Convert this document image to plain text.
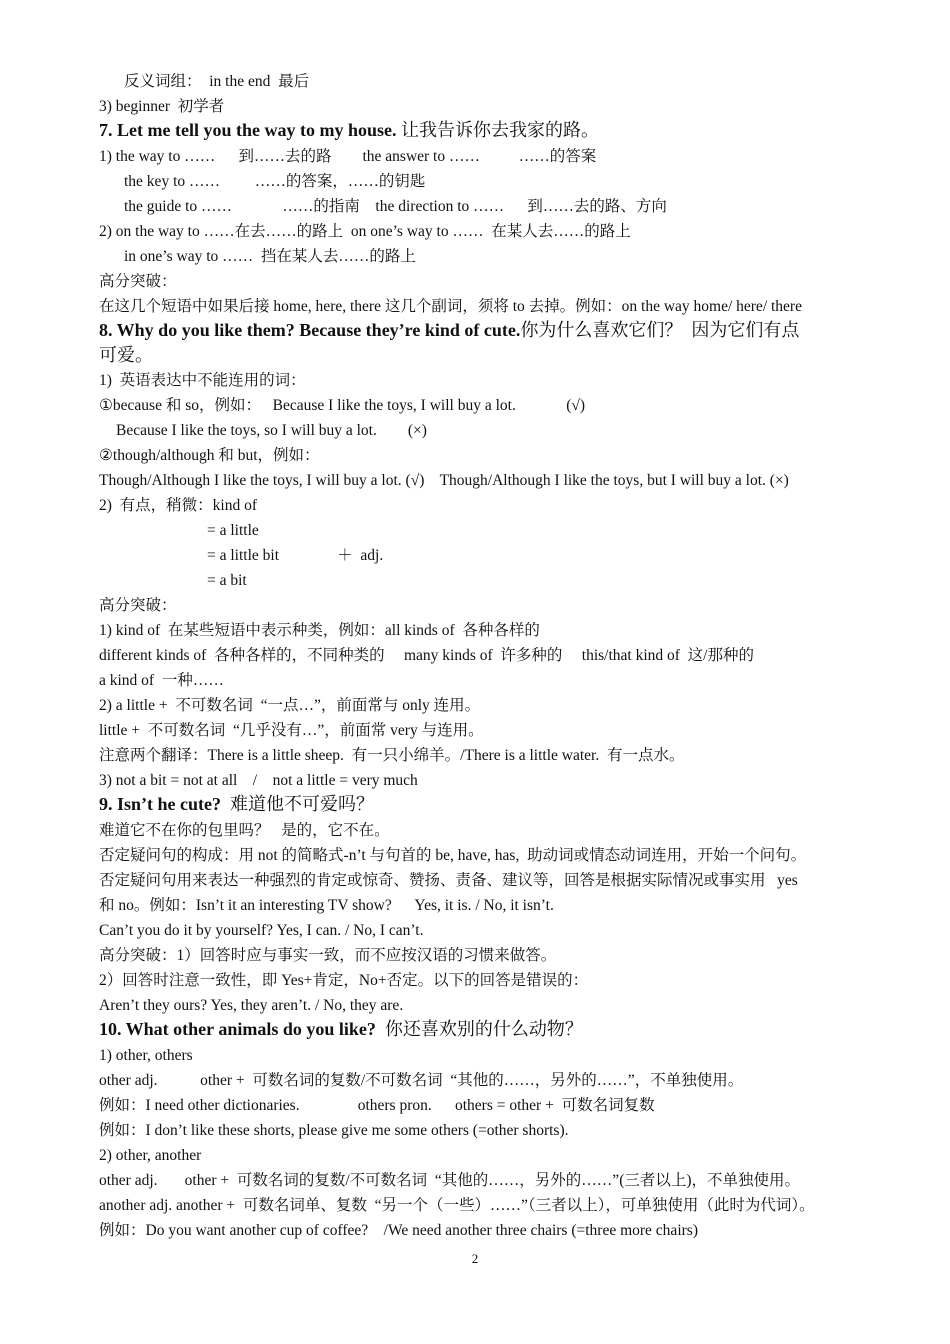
反义词组：  in the end  最后
3) beginner  初学者
7. Let me tell you the way to my house. 让我告诉你去我家的路。
1) the way to ……      到……去的路        the answer to ……          ……的答案
the key to ……         ……的答案，……的钥匙
the guide to ……             ……的指南    the direction to ……      到……去的路、方向
2) on the way to ……在去……的路上  on one’s way to ……  在某人去……的路上
in one’s way to ……  挡在某人去……的路上
高分突破：
在这几个短语中如果后接 home, here, there 这几个副词，须将 to 去掉。例如：on the way home/ here/ there
8. Why do you like them? Because they’re kind of cute.你为什么喜欢它们？  因为它们有点
可爱。
1)  英语表达中不能连用的词：
①because 和 so，例如：   Because I like the toys, I will buy a lot.             (√)
Because I like the toys, so I will buy a lot.        (×)
②though/although 和 but，例如：
Though/Although I like the toys, I will buy a lot. (√)    Though/Although I like the toys, but I will buy a lot. (×)
2)  有点，稍微：kind of
= a little
= a little bit               ＋  adj.
= a bit
高分突破：
1) kind of  在某些短语中表示种类，例如：all kinds of  各种各样的
different kinds of  各种各样的，不同种类的     many kinds of  许多种的     this/that kind of  这/那种的
a kind of  一种……
2) a little +  不可数名词  “一点…”，前面常与 only 连用。
little +  不可数名词  “几乎没有…”，前面常 very 与连用。
注意两个翻译：There is a little sheep.  有一只小绵羊。/There is a little water.  有一点水。
3) not a bit = not at all    /    not a little = very much
9. Isn’t he cute?  难道他不可爱吗？
难道它不在你的包里吗？   是的，它不在。
否定疑问句的构成：用 not 的简略式-n’t 与句首的 be, have, has,  助动词或情态动词连用，开始一个问句。
否定疑问句用来表达一种强烈的肯定或惊奇、赞扬、责备、建议等，回答是根据实际情况或事实用   yes
和 no。例如：Isn’t it an interesting TV show?      Yes, it is. / No, it isn’t.
Can’t you do it by yourself? Yes, I can. / No, I can’t.
高分突破：1）回答时应与事实一致，而不应按汉语的习惯来做答。
2）回答时注意一致性，即 Yes+肯定，No+否定。以下的回答是错误的：
Aren’t they ours? Yes, they aren’t. / No, they are.
10. What other animals do you like?  你还喜欢别的什么动物？
1) other, others
other adj.           other +  可数名词的复数/不可数名词  “其他的……，另外的……”，不单独使用。
例如：I need other dictionaries.               others pron.      others = other +  可数名词复数
例如：I don’t like these shorts, please give me some others (=other shorts).
2) other, another
other adj.       other +  可数名词的复数/不可数名词  “其他的……，另外的……”(三者以上)，不单独使用。
another adj. another +  可数名词单、复数  “另一个（一些）……”（三者以上），可单独使用（此时为代词）。
例如：Do you want another cup of coffee?    /We need another three chairs (=three more chairs)
2
